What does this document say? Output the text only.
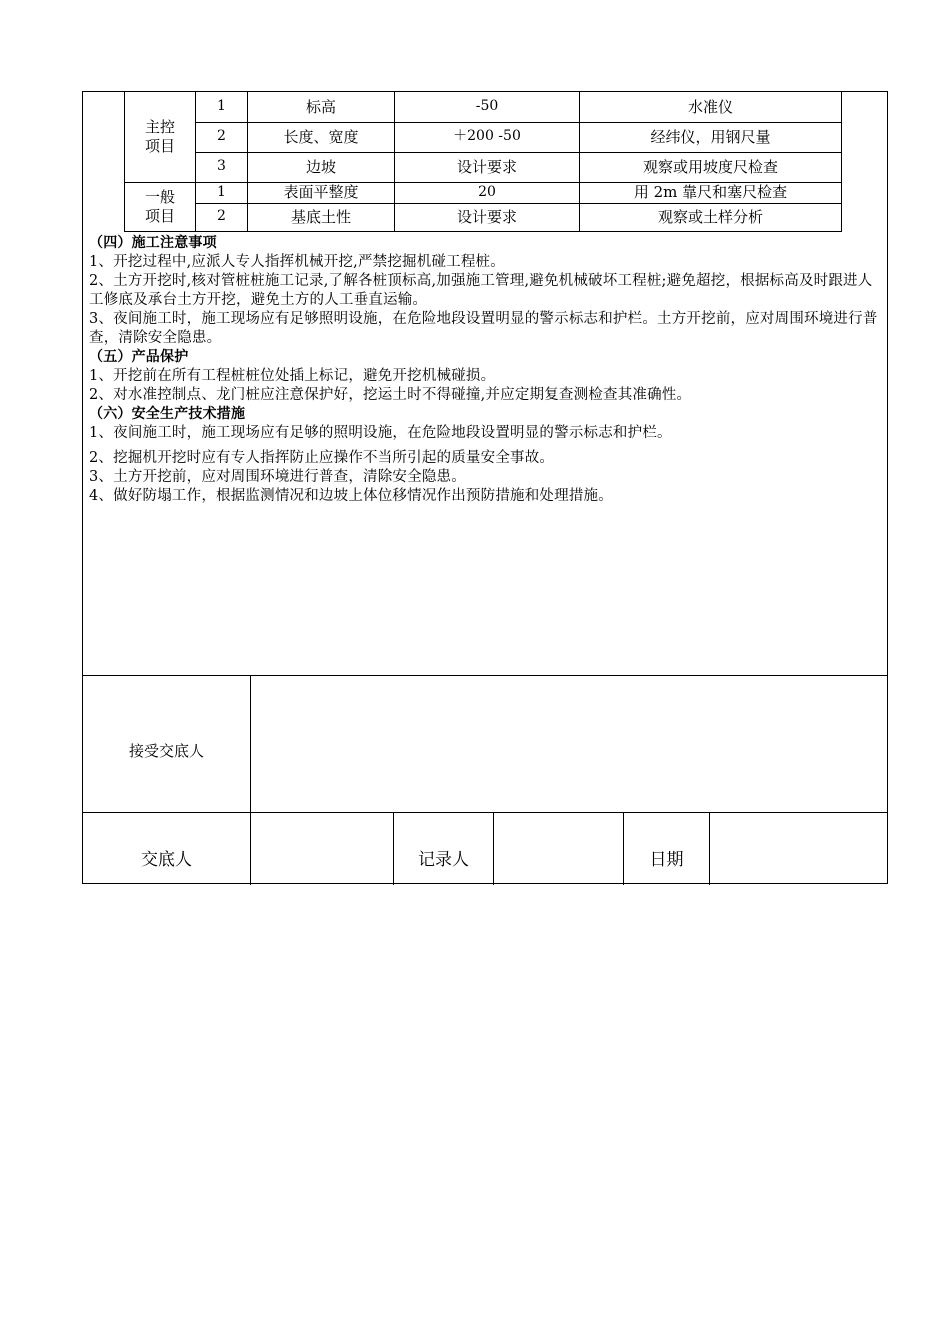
主控项目	1	标高	-50	水准仪
	2	长度、宽度	＋200 -50	经纬仪，用钢尺量
	3	边坡	设计要求	观察或用坡度尺检查
一般项目	1	表面平整度	20	用 2m 靠尺和塞尺检查
	2	基底土性	设计要求	观察或土样分析

（四）施工注意事项

1、开挖过程中,应派人专人指挥机械开挖,严禁挖掘机碰工程桩。

2、土方开挖时,核对管桩桩施工记录,了解各桩顶标高,加强施工管理,避免机械破坏工程桩;避免超挖，根据标高及时跟进人工修底及承台土方开挖，避免土方的人工垂直运输。

3、夜间施工时，施工现场应有足够照明设施，在危险地段设置明显的警示标志和护栏。土方开挖前，应对周围环境进行普查，清除安全隐患。

（五）产品保护

1、开挖前在所有工程桩桩位处插上标记，避免开挖机械碰损。

2、对水准控制点、龙门桩应注意保护好，挖运土时不得碰撞,并应定期复查测检查其准确性。

（六）安全生产技术措施

1、夜间施工时，施工现场应有足够的照明设施，在危险地段设置明显的警示标志和护栏。

2、挖掘机开挖时应有专人指挥防止应操作不当所引起的质量安全事故。

3、土方开挖前，应对周围环境进行普查，清除安全隐患。

4、做好防塌工作，根据监测情况和边坡上体位移情况作出预防措施和处理措施。

接受交底人
交底人	记录人	日期
